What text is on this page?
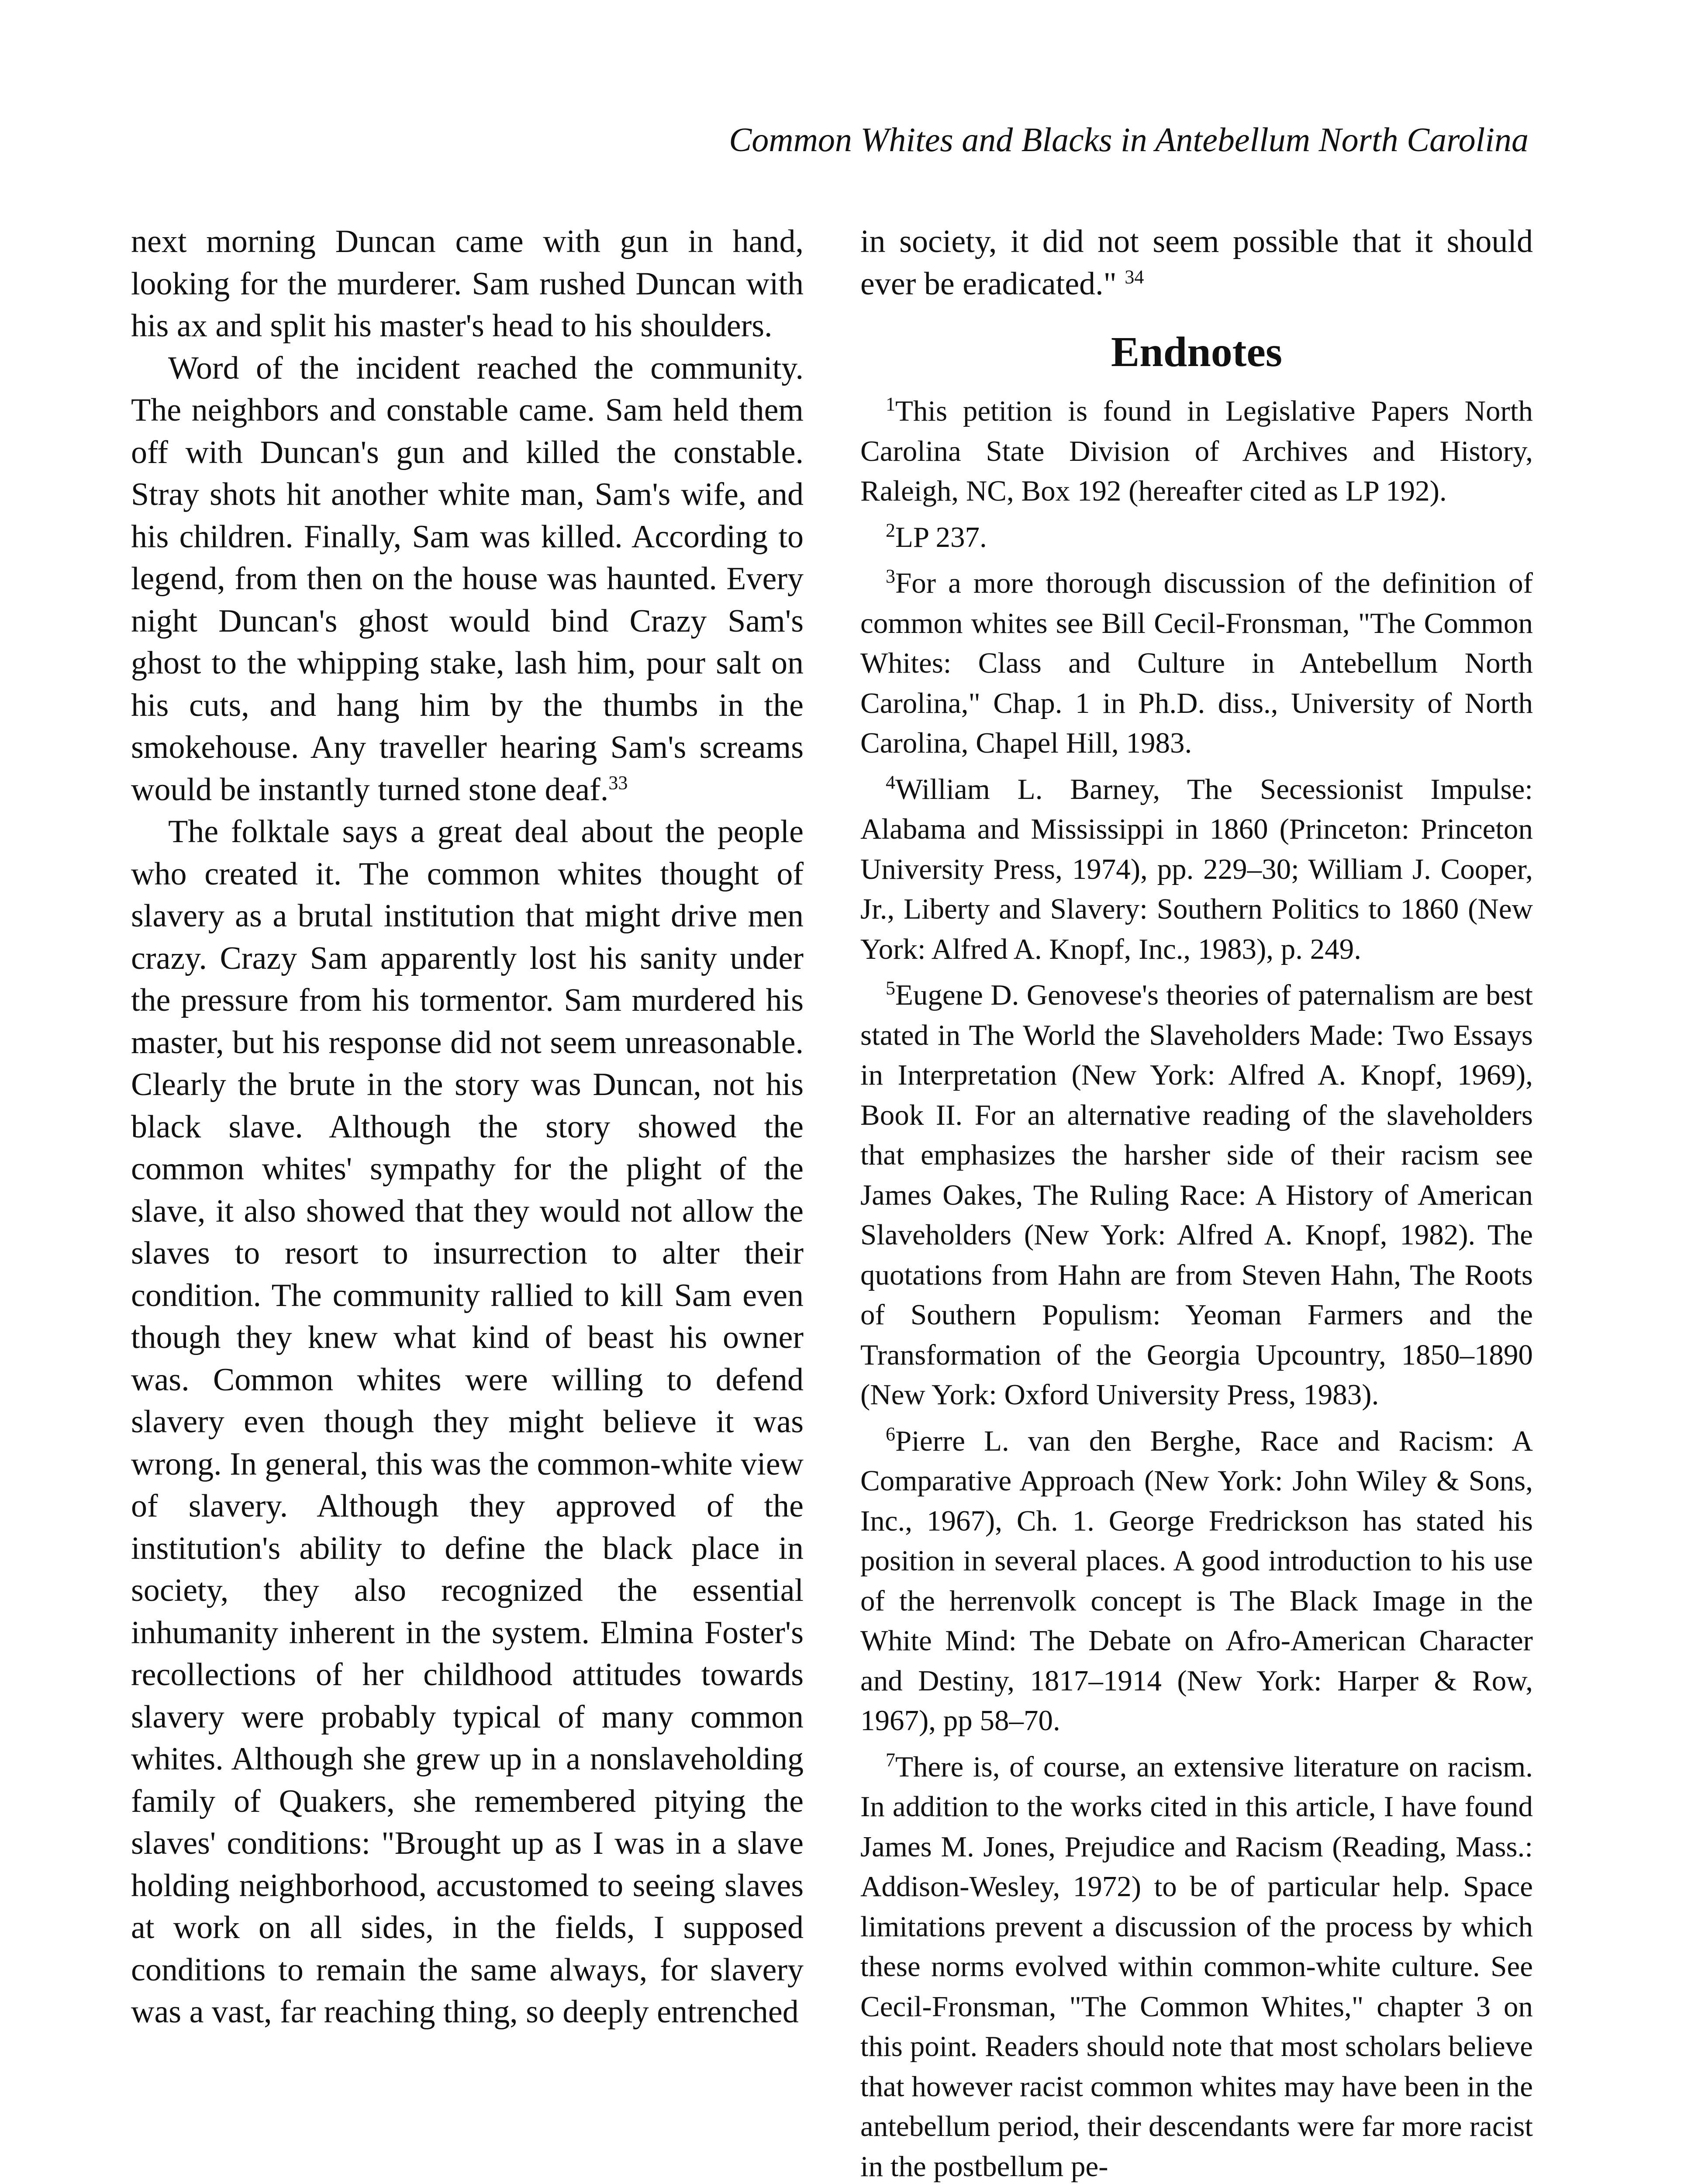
Common Whites and Blacks in Antebellum North Carolina

next morning Duncan came with gun in hand, looking for the murderer. Sam rushed Duncan with his ax and split his master's head to his shoulders.

Word of the incident reached the community. The neighbors and constable came. Sam held them off with Duncan's gun and killed the constable. Stray shots hit another white man, Sam's wife, and his children. Finally, Sam was killed. According to legend, from then on the house was haunted. Every night Duncan's ghost would bind Crazy Sam's ghost to the whipping stake, lash him, pour salt on his cuts, and hang him by the thumbs in the smokehouse. Any traveller hearing Sam's screams would be instantly turned stone deaf.$^{33}$

The folktale says a great deal about the people who created it. The common whites thought of slavery as a brutal institution that might drive men crazy. Crazy Sam apparently lost his sanity under the pressure from his tormentor. Sam murdered his master, but his response did not seem unreasonable. Clearly the brute in the story was Duncan, not his black slave. Although the story showed the common whites' sympathy for the plight of the slave, it also showed that they would not allow the slaves to resort to insurrection to alter their condition. The community rallied to kill Sam even though they knew what kind of beast his owner was. Common whites were willing to defend slavery even though they might believe it was wrong. In general, this was the common-white view of slavery. Although they approved of the institution's ability to define the black place in society, they also recognized the essential inhumanity inherent in the system. Elmina Foster's recollections of her childhood attitudes towards slavery were probably typical of many common whites. Although she grew up in a nonslaveholding family of Quakers, she remembered pitying the slaves' conditions: "Brought up as I was in a slave holding neighborhood, accustomed to seeing slaves at work on all sides, in the fields, I supposed conditions to remain the same always, for slavery was a vast, far reaching thing, so deeply entrenched

in society, it did not seem possible that it should ever be eradicated." $^{34}$

Endnotes

$^1$This petition is found in Legislative Papers North Carolina State Division of Archives and History, Raleigh, NC, Box 192 (hereafter cited as LP 192).

$^2$LP 237.

$^3$For a more thorough discussion of the definition of common whites see Bill Cecil-Fronsman, "The Common Whites: Class and Culture in Antebellum North Carolina," Chap. 1 in Ph.D. diss., University of North Carolina, Chapel Hill, 1983.

$^4$William L. Barney, The Secessionist Impulse: Alabama and Mississippi in 1860 (Princeton: Princeton University Press, 1974), pp. 229–30; William J. Cooper, Jr., Liberty and Slavery: Southern Politics to 1860 (New York: Alfred A. Knopf, Inc., 1983), p. 249.

$^5$Eugene D. Genovese's theories of paternalism are best stated in The World the Slaveholders Made: Two Essays in Interpretation (New York: Alfred A. Knopf, 1969), Book II. For an alternative reading of the slaveholders that emphasizes the harsher side of their racism see James Oakes, The Ruling Race: A History of American Slaveholders (New York: Alfred A. Knopf, 1982). The quotations from Hahn are from Steven Hahn, The Roots of Southern Populism: Yeoman Farmers and the Transformation of the Georgia Upcountry, 1850–1890 (New York: Oxford University Press, 1983).

$^6$Pierre L. van den Berghe, Race and Racism: A Comparative Approach (New York: John Wiley & Sons, Inc., 1967), Ch. 1. George Fredrickson has stated his position in several places. A good introduction to his use of the herrenvolk concept is The Black Image in the White Mind: The Debate on Afro-American Character and Destiny, 1817–1914 (New York: Harper & Row, 1967), pp 58–70.

$^7$There is, of course, an extensive literature on racism. In addition to the works cited in this article, I have found James M. Jones, Prejudice and Racism (Reading, Mass.: Addison-Wesley, 1972) to be of particular help. Space limitations prevent a discussion of the process by which these norms evolved within common-white culture. See Cecil-Fronsman, "The Common Whites," chapter 3 on this point. Readers should note that most scholars believe that however racist common whites may have been in the antebellum period, their descendants were far more racist in the postbellum pe-
